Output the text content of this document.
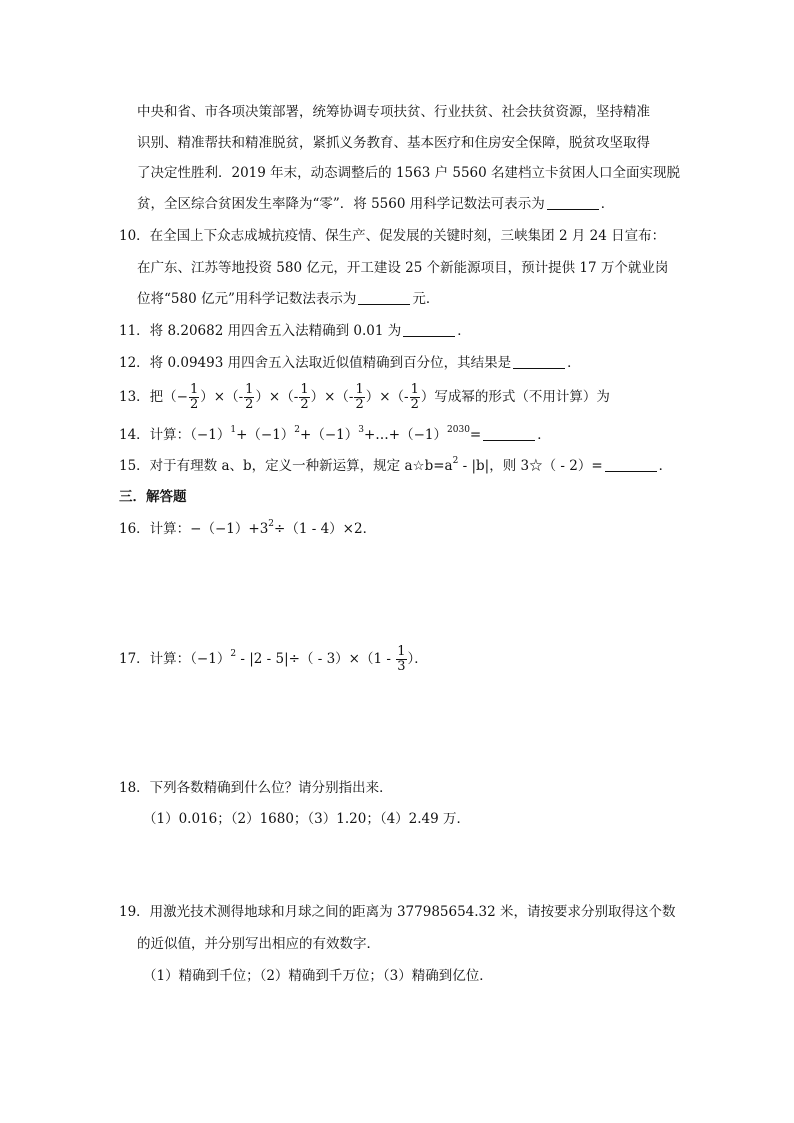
中央和省、市各项决策部署，统筹协调专项扶贫、行业扶贫、社会扶贫资源，坚持精准
识别、精准帮扶和精准脱贫，紧抓义务教育、基本医疗和住房安全保障，脱贫攻坚取得
了决定性胜利．2019 年末，动态调整后的 1563 户 5560 名建档立卡贫困人口全面实现脱
贫，全区综合贫困发生率降为“零”．将 5560 用科学记数法可表示为	．
10．在全国上下众志成城抗疫情、保生产、促发展的关键时刻，三峡集团 2 月 24 日宣布：
在广东、江苏等地投资 580 亿元，开工建设 25 个新能源项目，预计提供 17 万个就业岗
位将“580 亿元”用科学记数法表示为	元．
11．将 8.20682 用四舍五入法精确到 0.01 为	．
12．将 0.09493 用四舍五入法取近似值精确到百分位，其结果是	．
13．把（− $\frac{1}{2}$ ）×（- $\frac{1}{2}$ ）×（- $\frac{1}{2}$ ）×（- $\frac{1}{2}$ ）×（- $\frac{1}{2}$ ）写成幂的形式（不用计算）为
14．计算：$(-1)^1+(-1)^2+(-1)^3+\dots+(-1)^{2030}=$	．
15．对于有理数 a、b，定义一种新运算，规定 $a☆b=a^2 - |b|$，则 3☆（ - 2）=	．
三．解答题
16．计算：$-(-1)+3^2\div(1 - 4)\times 2$．
17．计算：$(-1)^2 - |2 - 5|\div( - 3)\times(1 - \frac{1}{3}$ ）．
18．下列各数精确到什么位？请分别指出来．
（1）0.016；（2）1680；（3）1.20；（4）2.49 万．
19．用激光技术测得地球和月球之间的距离为 377985654.32 米，请按要求分别取得这个数
的近似值，并分别写出相应的有效数字．
（1）精确到千位；（2）精确到千万位；（3）精确到亿位．
